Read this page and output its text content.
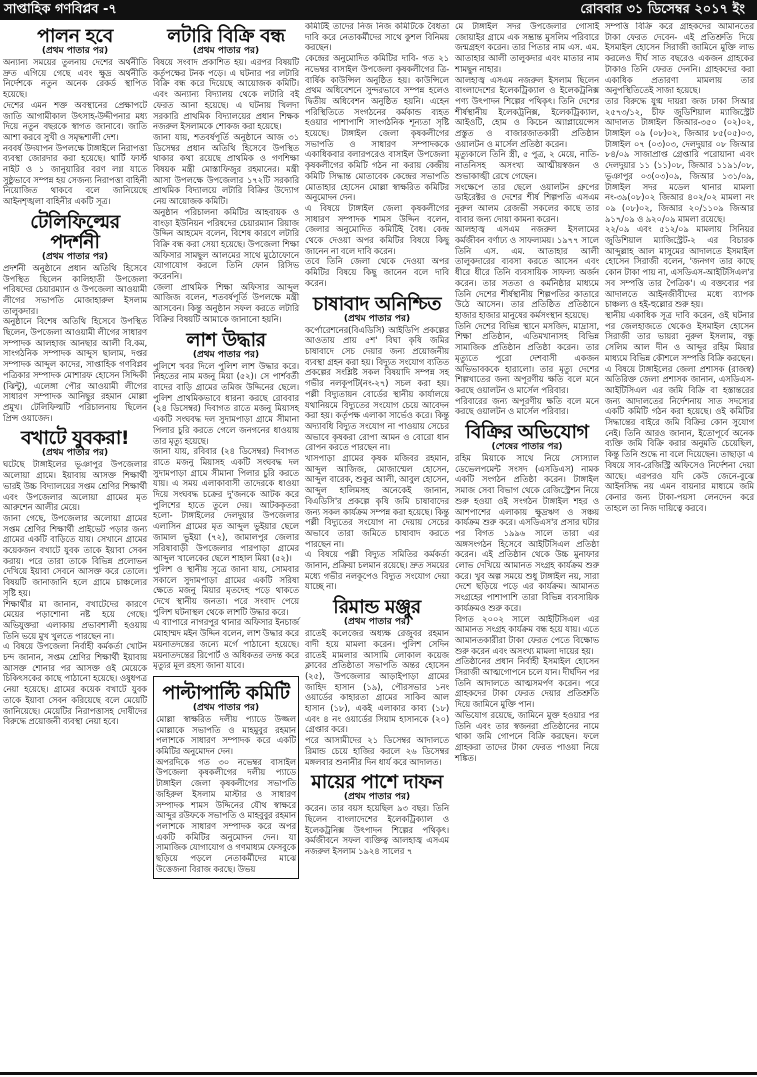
সাপ্তাহিক গণবিপ্লব -৭	রোববার ৩১ ডিসেম্বর ২০১৭ ইং
পালন হবে
(প্রথম পাতার পর)

অন্যান্য সময়ের তুলনায় দেশের অর্থনীতি দ্রুত এগিয়ে গেছে এবং ক্ষুদ্র অর্থনীতি নির্দেশকে নতুন অনেক রেকর্ড স্থাপিত হয়েছে।

দেশের এমন শক্ত অবস্থানের প্রেক্ষাপটে জাতি আগামীকাল উৎসাহ-উদ্দীপনার মধ্য দিয়ে নতুন বছরকে স্বাগত জানাবে। জাতি আশা করবে সুখী ও সমৃদ্ধশালী দেশ।

নববর্ষ উদযাপন উপলক্ষে টাঙ্গাইলে নিরাপত্তা ব্যবস্থা জোরদার করা হয়েছে। থার্টি ফার্স্ট নাইট ও ১ জানুয়ারির বরণ লগ্ন যাতে সুষ্ঠুভাবে সম্পন্ন হয় সেজন্য নিরাপত্তা বাহিনী নিয়োজিত থাকবে বলে জানিয়েছে আইনশৃঙ্খলা বাহিনীর একটি সূত্র।

টেলিফিল্মের পদর্শনী
(প্রথম পাতার পর)

প্রদর্শনী অনুষ্ঠানে প্রধান অতিথি হিসেবে উপস্থিত ছিলেন কালিহাতী উপজেলা পরিষদের চেয়ারম্যান ও উপজেলা আওয়ামী লীগের সভাপতি মোজাহারুল ইসলাম তালুকদার।

অনুষ্ঠানে বিশেষ অতিথি হিসেবে উপস্থিত ছিলেন, উপজেলা আওয়ামী লীগের সাধারণ সম্পাদক আলহাজ আনছার আলী বি.কম, সাংগঠনিক সম্পাদক আব্দুস ছালাম, দপ্তর সম্পাদক আব্দুল কাদের, সাপ্তাহিক গণবিপ্লব পত্রিকার সম্পাদক মোশারফ হোসেন সিদ্দিকী (ঝিন্টু), এলেঙ্গা পৌর আওয়ামী লীগের সাধারণ সম্পাদক আনিছুর রহমান মোল্লা প্রমুখ। টেলিফিল্মটি পরিচালনায় ছিলেন প্রিন্স ওয়াজেদ।

বখাটে যুবকরা!
(প্রথম পাতার পর)

ঘটেছে টাঙ্গাইলের ভূঞাপুর উপজেলার অলোয়া গ্রামে। ইয়াবায় আসক্ত শিক্ষার্থী ভারই উচ্চ বিদ্যালয়ের সপ্তম শ্রেণির শিক্ষার্থী এবং উপজেলার অলোয়া গ্রামের মৃত আরুশেন আলীর মেয়ে।

জানা গেছে, উপজেলার অলোয়া গ্রামের সপ্তম শ্রেণির শিক্ষার্থী প্রাইভেট পড়ার জন্য গ্রামের একটি বাড়িতে যায়। সেখানে গ্রামের কয়েকজন বখাটে যুবক তাকে ইয়াবা সেবন করায়। পরে তারা তাকে বিভিন্ন প্রলোভন দেখিয়ে ইয়াবা সেবনে আসক্ত করে তোলে। বিষয়টি জানাজানি হলে গ্রামে চাঞ্চল্যের সৃষ্টি হয়।

শিক্ষার্থীর মা জানান, বখাটেদের কারণে মেয়ের পড়াশোনা নষ্ট হয়ে গেছে। অভিযুক্তরা এলাকায় প্রভাবশালী হওয়ায় তিনি ভয়ে মুখ খুলতে পারছেন না।

এ বিষয়ে উপজেলা নির্বাহী কর্মকর্তা খোটন চন্দ জানান, সপ্তম শ্রেণির শিক্ষার্থী ইয়াবায় আসক্ত শোনার পর আসক্ত ওই মেয়েকে চিকিৎসকের কাছে পাঠানো হয়েছে। ওষুধপত্র নেয়া হয়েছে। গ্রামের কয়েক বখাটে যুবক তাকে ইয়াবা সেবন করিয়েছে বলে মেয়েটি জানিয়েছে। মেয়েটির নিরাপত্তাসহ দোষীদের বিরুদ্ধে প্রয়োজনী ব্যবস্থা নেয়া হবে।

লটারি বিক্রি বন্ধ
(প্রথম পাতার পর)

বিষয়ে সংবাদ প্রকাশিত হয়। এরপর বিষয়টি কর্তৃপক্ষের টনক পড়ে। এ ঘটনার পর লটারি বিক্রি বন্ধ করে দিয়েছে আয়োজক কমিটি। এবং অন্যান্য বিদ্যালয় থেকে লটারি বই ফেরত আনা হয়েছে। এ ঘটনায় খিলদা সরকারি প্রাথমিক বিদ্যালয়ের প্রধান শিক্ষক নজরুল ইসলামকে শোকজ করা হয়েছে।

জানা যায়, শতবর্ষপূর্তি অনুষ্ঠানে আজ ৩১ ডিসেম্বর প্রধান অতিথি হিসেবে উপস্থিত থাকার কথা রয়েছে প্রাথমিক ও গণশিক্ষা বিষয়ক মন্ত্রী মোস্তাফিজুর রহমানের। মন্ত্রী আসা উপলক্ষে উপজেলার ১৭২টি সরকারি প্রাথমিক বিদ্যালয়ে লটারি বিক্রির উদ্যোগ নেয় আয়োজক কমিটি।

অনুষ্ঠান পরিচালনা কমিটির আহবায়ক ও বাংড়া ইউনিয়ন পরিষদের চেয়ারম্যান রিয়াজ উদ্দিন আহমেদ বলেন, বিশেষ কারণে লটারি বিক্রি বন্ধ করা সেয়া হয়েছে। উপজেলা শিক্ষা অফিসার সামছুল আলমের সাথে মুঠোফোনে যোগাযোগ করলে তিনি ফোন রিসিভ করেননি।

জেলা প্রাথমিক শিক্ষা অফিসার আব্দুল আজিজ বলেন, শতবর্ষপূর্তি উপলক্ষে মন্ত্রী আসবেন। কিন্তু অনুষ্ঠান সফল করতে লটারি বিক্রির বিষয়টি আমাকে জানানো হয়নি।

লাশ উদ্ধার
(প্রথম পাতার পর)

পুলিশে খবর দিলে পুলিশ লাশ উদ্ধার করে। নিহতের নাম মজনু মিয়া (৫২)। সে পার্শবর্তী বাদের বাড়ি গ্রামের তমিজ উদ্দিনের ছেলে। পুলিশ প্রাথমিকভাবে ধারনা করছে রোববার (২৪ ডিসেম্বর) দিবাগত রাতে মজনু মিয়াসহ একটি সংঘবদ্ধ দল সুদামপাড়া গ্রামে সীমানা পিলার চুরি করতে গেলে জনগনের ধাওয়ায় তার মৃত্যু হয়েছে।

জানা যায়, রবিবার (২৪ ডিসেম্বর) দিবাগত রাতে মজনু মিয়াসহ একটি সংঘবদ্ধ দল সুদামপাড়া গ্রামে সীমানা পিলার চুরি করতে যায়। এ সময় এলাকাবাসী তাদেরকে ধাওয়া দিয়ে সংঘবদ্ধ চক্রের দু'জনকে আটক করে পুলিশের হাতে তুলে দেয়। আটককৃতরা হলো- টাঙ্গাইলের দেলদুয়ার উপজেলার এলাসিন গ্রামের মৃত আব্দুল ভুইয়ার ছেলে জামাল ভুইয়া (৭২), জামালপুর জেলার সরিষাবাড়ী উপজেলার পারপাড়া গ্রামের আব্দুল খালেকের ছেলে শাহাল মিয়া (৫২)।

পুলিশ ও স্থানীয় সূত্রে জানা যায়, সোমবার সকালে সুদামপাড়া গ্রামের একটি সরিষা ক্ষেতে মজনু মিয়ার মৃতদেহ পড়ে থাকতে দেখে স্থানীয় জনতা। পরে সংবাদ পেয়ে পুলিশ ঘটনাস্থল থেকে লাশটি উদ্ধার করে।

এ ব্যাপারে নাগরপুর থানার অফিসার ইনচার্জ মোহাম্মদ মইন উদ্দিন বলেন, লাশ উদ্ধার করে ময়নাতদন্তের জন্যে মর্গে পাঠানো হয়েছে। ময়নাতদন্তের রিপোর্ট ও অধিকতর তদন্ত করে মৃত্যুর মূল রহস্য জানা যাবে।

পাল্টাপাল্টি কমিটি
(প্রথম পাতার পর)

মোল্লা স্বাক্ষরিত দলীয় প্যাডে উজ্জল মোল্লাকে সভাপতি ও মাহমুবুর রহমান পলাশকে সাধারণ সম্পাদক করে একটি কমিটির অনুমোদন দেন।

অপরদিকে গত ৩০ নভেম্বর বাসাইল উপজেলা কৃষকলীগের দলীয় প্যাডে টাঙ্গাইল জেলা কৃষকলীগের সভাপতি জহিরুল ইসলাম মাস্টার ও সাধারণ সম্পাদক শামস উদ্দিনের যৌথ স্বাক্ষরে আব্দুর রউফকে সভাপতি ও মাহবুবুর রহমান পলাশকে সাধারণ সম্পাদক করে অপর একটি কমিটির অনুমোদন দেন। যা সামাজিক যোগাযোগ ও গণমাধ্যম ফেসবুকে ছড়িয়ে পড়লে নেতাকর্মীদের মাঝে উত্তেজনা বিরাজ করছে। উভয়

কমিটিই তাদের নিজ নিজ কমিটিকে বৈধতা দাবি করে নেতাকর্মীদের সাথে কুশল বিনিময় করছেন।

কেন্দ্রের অনুমোদিত কমিটির দাবি- গত ২১ নভেম্বর বাসাইল উপজেলা কৃষকলীগের ত্রি-বার্ষিক কাউন্সিল অনুষ্ঠিত হয়। কাউন্সিলে প্রথম অধিবেশনে সুন্দরভাবে সম্পন্ন হলেও দ্বিতীয় অধিবেশন অনুষ্ঠিত হয়নি। এহেন পরিস্থিতিতে সংগঠনের কর্মকান্ড ব্যহত হওয়ার পাশাপাশি সাংগঠনিক শূন্যতা সৃষ্টি হয়েছে। টাঙ্গাইল জেলা কৃষকলীগের সভাপতি ও সাধারণ সম্পাদককে একাধিকবার বলারপরেও বাসাইল উপজেলা কৃষকলীগের কমিটি গঠন না করায় কেন্দ্রীয় কমিটি সিদ্ধান্ত মোতাবেক কেন্দ্রের সভাপতি মোতাহার হোসেন মোল্লা স্বাক্ষরিত কমিটির অনুমোদন দেন।

এ বিষয়ে টাঙ্গাইল জেলা কৃষকলীগের সাধারণ সম্পাদক শামস উদ্দিন বলেন, জেলার অনুমোদিত কমিটিই বৈধ। কেন্দ্র থেকে দেওয়া অপর কমিটির বিষয়ে কিছু জানেন না বলে দাবি করেন।

তবে তিনি জেলা থেকে দেওয়া অপর কমিটির বিষয়ে কিছু জানেন বলে দাবি করেন।

চাষাবাদ অনিশ্চিত
(প্রথম পাতার পর)

কর্পোরেশনের(বিএডিসি) আইডিপি প্রকল্পের আওতায় প্রায় ৫শ' বিঘা কৃষি জমির চাষাবাদে সেচ দেয়ার জন্য প্রয়োজনীয় ব্যবস্থা গ্রহন করা হয়। বিদ্যুত সংযোগ ব্যতিত প্রকল্পের সংশ্লিষ্ট সকল বিষয়াদি সম্পন্ন সহ গভীর নলকূপটি(নং-২৭) সচল করা হয়। পল্লী বিদ্যুতায়ন বোর্ডের স্থানীয় কার্যালয়ে যথানিয়মে বিদ্যুতের সংযোগ চেয়ে আবেদন করা হয়। কর্তৃপক্ষ এলাকা সার্ভেও করে। কিন্তু অদ্যাবধি বিদ্যুত সংযোগ না পাওয়ায় সেচের অভাবে কৃষকরা রোপা আমন ও বোরো ধান রোপন করতে পারছেন না।

খাসপাড়া গ্রামের কৃষক মজিবর রহমান, আব্দুল আজিজ, মোজাম্মেল হোসেন, আব্দুল বারেক, শুকুর আলী, আবুল হোসেন, আব্দুল হালিমসহ অনেকেই জানান, বিএডিসি'র প্রকল্পে কৃষি জমি চাষাবাদের জন্য সকল কার্যক্রম সম্পন্ন করা হয়েছে। কিন্তু পল্লী বিদ্যুতের সংযোগ না দেয়ায় সেচের অভাবে তারা জমিতে চাষাবাদ করতে পারছেন না।

এ বিষয়ে পল্লী বিদ্যুত সমিতির কর্মকর্তা জানান, প্রক্রিয়া চলমান রয়েছে। দ্রুত সময়ের মধ্যে গভীর নলকূপেও বিদ্যুত সংযোগ দেয়া যাচ্ছে না।

রিমান্ড মঞ্জুর
(প্রথম পাতার পর)

রাতেই কলেজের অধ্যক্ষ রেজুবর রহমান বাদী হয়ে মামলা করেন। পুলিশ সেদিন রাতেই মামলার আসামি লোকাল কয়েজ ক্লাবের প্রতিষ্ঠাতা সভাপতি অন্তর হোসেন (২৫), উপজেলার আড়াইপাড়া গ্রামের জাহিদ হাসান (১৯), পৌরসভার ১নং ওয়ার্ডের কাহারতা গ্রামের সাকিব আল হাসান (১৮), একই এলাকার কাব্য (১৮) এবং ৪ নং ওয়ার্ডের সিয়াম হাসানকে (২০) গ্রেপ্তার করে।

পরে আসামীদের ২১ ডিসেম্বর আদালতে রিমান্ড চেয়ে হাজির করলে ২৬ ডিসেম্বর মঙ্গলবার শুনানীর দিন ধার্য করে আদালত।

মায়ের পাশে দাফন
(প্রথম পাতার পর)

করেন। তার বয়স হয়েছিল ৯৩ বছর। তিনি ছিলেন বাংলাদেশের ইলেকট্রিক্যাল ও ইলেকট্রনিক্স উৎপাদন শিল্পের পথিকৃৎ। কর্মজীবনে সফল ব্যক্তিত্ব আলহাজ্ব এসএম নজরুল ইসলাম ১৯২৪ সালের ৭

মে টাঙ্গাইল সদর উপজেলার গোসাই জোয়াইর গ্রামে এক সম্ভ্রান্ত মুসলিম পরিবারে জন্মগ্রহণ করেন। তার পিতার নাম এস. এম. আতাহার আলী তালুকদার এবং মাতার নাম শামছুন নাহার।

আলহাজ্ব এসএম নজরুল ইসলাম ছিলেন বাংলাদেশের ইলেকট্রিক্যাল ও ইলেকট্রনিক্স পণ্য উৎপাদন শিল্পের পথিকৃৎ। তিনি দেশের শীর্ষস্থানীয় ইলেকট্রনিক্স, ইলেকট্রিক্যাল, আইওটি, হোম ও কিচেন অ্যাপ্লায়েন্সেস প্রস্তুত ও বাজারজাতকারী প্রতিষ্ঠান ওয়ালটন ও মার্সেল প্রতিষ্ঠা করেন।

মৃত্যুকালে তিনি স্ত্রী, ৫ পুত্র, ২ মেয়ে, নাতি-নাতনিসহ অসংখ্য আত্মীয়স্বজন ও শুভাকাঙ্খী রেখে গেছেন।

সংক্ষেপে তার ছেলে ওয়ালটন গ্রুপের ডাইরেক্টর ও দেশের শীর্ষ শিল্পপতি এসএম নুরুল আলম রেজভী সকলের কাছে তার বাবার জন্য দোয়া কামনা করেন।

আলহাজ্ব এসএম নজরুল ইসলামের কর্মজীবন বর্ণাঢ্য ও সাফল্যময়। ১৯৭৭ সালে তিনি এস. এম. আতাহার আলী তালুকদারের ব্যবসা করতে আসেন এবং ধীরে ধীরে তিনি ব্যবসায়িক সাফল্য অর্জন করেন। তার সততা ও কর্মনিষ্ঠার মাধ্যমে তিনি দেশের শীর্ষস্থানীয় শিল্পপতির কাতারে উঠে আসেন। তার প্রতিষ্ঠিত প্রতিষ্ঠানে হাজার হাজার মানুষের কর্মসংস্থান হয়েছে।

তিনি দেশের বিভিন্ন স্থানে মসজিদ, মাদ্রাসা, শিক্ষা প্রতিষ্ঠান, এতিমখানাসহ বিভিন্ন সামাজিক প্রতিষ্ঠান প্রতিষ্ঠা করেন। তার মৃত্যুতে পুরো দেশবাসী একজন অভিভাবককে হারালো। তার মৃত্যু দেশের শিল্পখাতের জন্য অপূরণীয় ক্ষতি বলে মনে করছে ওয়ালটন ও মার্সেল পরিবার।

পরিবারের জন্য অপূরণীয় ক্ষতি বলে মনে করছে ওয়ালটন ও মার্সেল পরিবার।

বিক্রির অভিযোগ
(শেষের পাতার পর)

রহিম মিয়াকে সাথে নিয়ে সোস্যাল ডেভেলপমেন্ট সংসদ (এসডিএস) নামক একটি সংগঠন প্রতিষ্ঠা করেন। টাঙ্গাইল সমাজ সেবা বিভাগ থেকে রেজিস্ট্রেশন নিয়ে শুরু হওয়া ওই সংগঠন টাঙ্গাইল শহর ও আশপাশের এলাকায় ক্ষুদ্রঋণ ও সঞ্চয় কার্যক্রম শুরু করে। এসডিএস'র প্রসার ঘটার পর বিগত ১৯৯৬ সালে তারা এর অঙ্গসংগঠন হিসেবে আইটিসিএল প্রতিষ্ঠা করেন। এই প্রতিষ্ঠান থেকে উচ্চ মুনাফার লোভ দেখিয়ে আমানত সংগ্রহ কার্যক্রম শুরু করে। খুব অল্প সময়ে শুধু টাঙ্গাইল নয়, সারা দেশে ছড়িয়ে পড়ে এর কার্যক্রম। আমানত সংগ্রহের পাশাপাশি তারা বিভিন্ন ব্যবসায়িক কার্যক্রমও শুরু করে।

বিগত ২০০২ সালে আইটিসিএল এর আমানত সংগ্রহ কার্যক্রম বন্ধ হয়ে যায়। এতে আমানতকারীরা টাকা ফেরত পেতে বিক্ষোভ শুরু করেন এবং অসংখ্য মামলা দায়ের হয়।

প্রতিষ্ঠানের প্রধান নির্বাহী ইসমাইল হোসেন সিরাজী আত্মগোপনে চলে যান। দীর্ঘদিন পর তিনি আদালতে আত্মসমর্পণ করেন। পরে গ্রাহকদের টাকা ফেরত দেয়ার প্রতিশ্রুতি দিয়ে জামিনে মুক্তি পান।

অভিযোগ রয়েছে, জামিনে মুক্ত হওয়ার পর তিনি এবং তার স্বজনরা প্রতিষ্ঠানের নামে থাকা জমি গোপনে বিক্রি করছেন। ফলে গ্রাহকরা তাদের টাকা ফেরত পাওয়া নিয়ে শঙ্কিত।

সম্পত্তি বিক্রি করে গ্রাহকদের আমানতের টাকা ফেরত দেবেন- এই প্রতিশ্রুতি দিয়ে ইসমাইল হোসেন সিরাজী জামিনে মুক্তি লাভ করলেও দীর্ঘ সাত বছরেও একজন গ্রাহকের টাকাও তিনি ফেরত দেননি। গ্রাহকদের করা একাধিক প্রতারণা মামলায় তার অনুপস্থিতিতেই সাজা হয়েছে।

তার বিরুদ্ধে যুগ্ম দায়রা জজ ঢাকা সিআর ২৫৭৩/১২, চীফ জুডিশিয়াল ম্যাজিস্ট্রেট আদালত টাঙ্গাইল জিআর-৩৫০ (০২)০২, টাঙ্গাইল ০৯ (০৮)০২, জিআর ৮৫(০৫)০৩, টাঙ্গাইল ০৭ (০৩)০৩, দেলদুয়ার ০৮ জিআর ৮৪/০৯ সাজাপ্রাপ্ত গ্রেপ্তারি পরোয়ানা এবং দেলদুয়ার ১১ (১১)০৮, জিআর ১১৯১/০৮, ভূঞাপুর ০৩(০৩)০৯, জিআর ১৩১/০৯, টাঙ্গাইল সদর মডেল থানার মামলা নং-৩৯(০৮)০২ জিআর ৪০২/০২ মামলা নং ০৯ (০৮)০২, জিআর ২০/১১০৯ জিআর ৯১৭/০৯ ও ৯২০/০৯ মামলা রয়েছে।

২২/০৯ এবং ৫১২/০৯ মামলায় সিনিয়র জুডিশিয়াল ম্যাজিস্ট্রেট-২ এর বিচারক আব্দুল্লাহ আল মাসুমের আদালতে ইসমাইল হোসেন সিরাজী বলেন, 'জনগণ তার কাছে কোন টাকা পায় না, এসডিএস-আইটিসিএল'র সব সম্পত্তি তার পৈত্রিক'। এ বক্তব্যের পর আদালতে আইনজীবীদের মধ্যে ব্যাপক চাঞ্চল্য ও হই-হুল্লোর শুরু হয়।

স্থানীয় একাধিক সূত্র দাবি করেন, ওই ঘটনার পর জেলহাজতে থেকেও ইসমাইল হোসেন সিরাজী তার ভায়রা নুরুল ইসলাম, বন্ধু সেলিম আল দীন ও আব্দুর রহিম মিয়ার মাধ্যমে বিভিন্ন কৌশলে সম্পত্তি বিক্রি করছেন।

এ বিষয়ে টাঙ্গাইলের জেলা প্রশাসক (রাজস্ব) অতিরিক্ত জেলা প্রশাসক জানান, এসডিএস-আইটিসিএল এর জমি বিক্রি বা হস্তান্তরের জন্য আদালতের নির্দেশনায় সাত সদস্যের একটি কমিটি গঠন করা হয়েছে। ওই কমিটির সিদ্ধান্তের বাইরে জমি বিক্রির কোন সুযোগ নেই। তিনি আরও জানান, ইতোপূর্বে অনেক ব্যক্তি জমি বিক্রি করার অনুমতি চেয়েছিল, কিন্তু তিনি শুদ্ধে না বলে দিয়েছেন। তাছাড়া এ বিষয়ে সাব-রেজিস্ট্রি অফিসেও নির্দেশনা দেয়া আছে। এরপরও যদি কেউ জেনে-বুঝে আইনসিদ্ধ নয় এমন বায়নার মাধ্যমে জমি কেনার জন্য টাকা-পয়সা লেনদেন করে তাহলে তা নিজ দায়িত্বে করবে।
